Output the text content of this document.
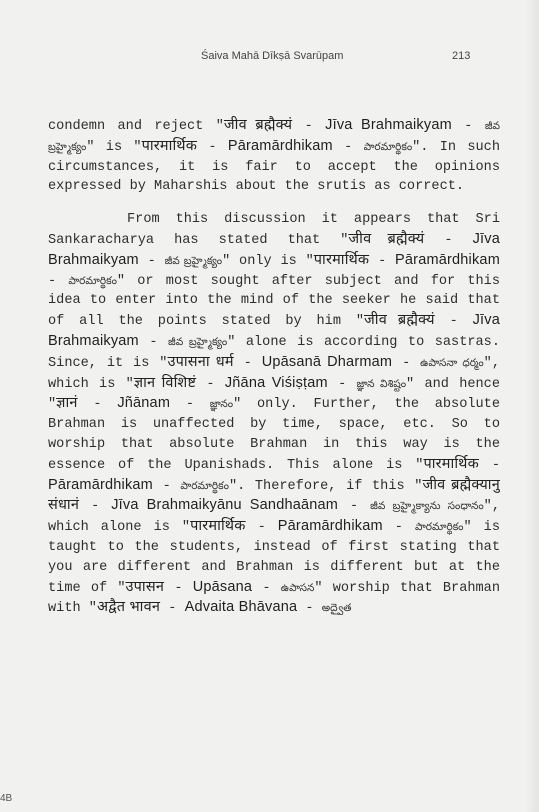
Śaiva Mahā Dīkṣā Svarūpam	213

condemn and reject "जीव ब्रह्मैक्यं - Jīva Brahmaikyam - జీవ బ్రహ్మైక్యం" is "पारमार्थिक - Pāramārdhikam - పారమార్థికం". In such circumstances, it is fair to accept the opinions expressed by Maharshis about the srutis as correct.

From this discussion it appears that Sri Sankaracharya has stated that "जीव ब्रह्मैक्यं - Jīva Brahmaikyam - జీవ బ్రహ్మైక్యం" only is "पारमार्थिक - Pāramārdhikam - పారమార్థికం" or most sought after subject and for this idea to enter into the mind of the seeker he said that of all the points stated by him "जीव ब्रह्मैक्यं - Jīva Brahmaikyam - జీవ బ్రహ్మైక్యం" alone is according to sastras. Since, it is "उपासना धर्म - Upāsanā Dharmam - ఉపాసనా ధర్మం", which is "ज्ञान विशिष्टं - Jñāna Viśiṣṭam - జ్ఞాన విశిష్టం" and hence "ज्ञानं - Jñānam - జ్ఞానం" only. Further, the absolute Brahman is unaffected by time, space, etc. So to worship that absolute Brahman in this way is the essence of the Upanishads. This alone is "पारमार्थिक - Pāramārdhikam - పారమార్థికం". Therefore, if this "जीव ब्रह्मैक्यानु संधानं - Jīva Brahmaikyānu Sandhaānam - జీవ బ్రహ్మైక్యాను సంధానం", which alone is "पारमार्थिक - Pāramārdhikam - పారమార్థికం" is taught to the students, instead of first stating that you are different and Brahman is different but at the time of "उपासन - Upāsana - ఉపాసన" worship that Brahman with "अद्वैत भावन - Advaita Bhāvana - అద్వైత

4B
